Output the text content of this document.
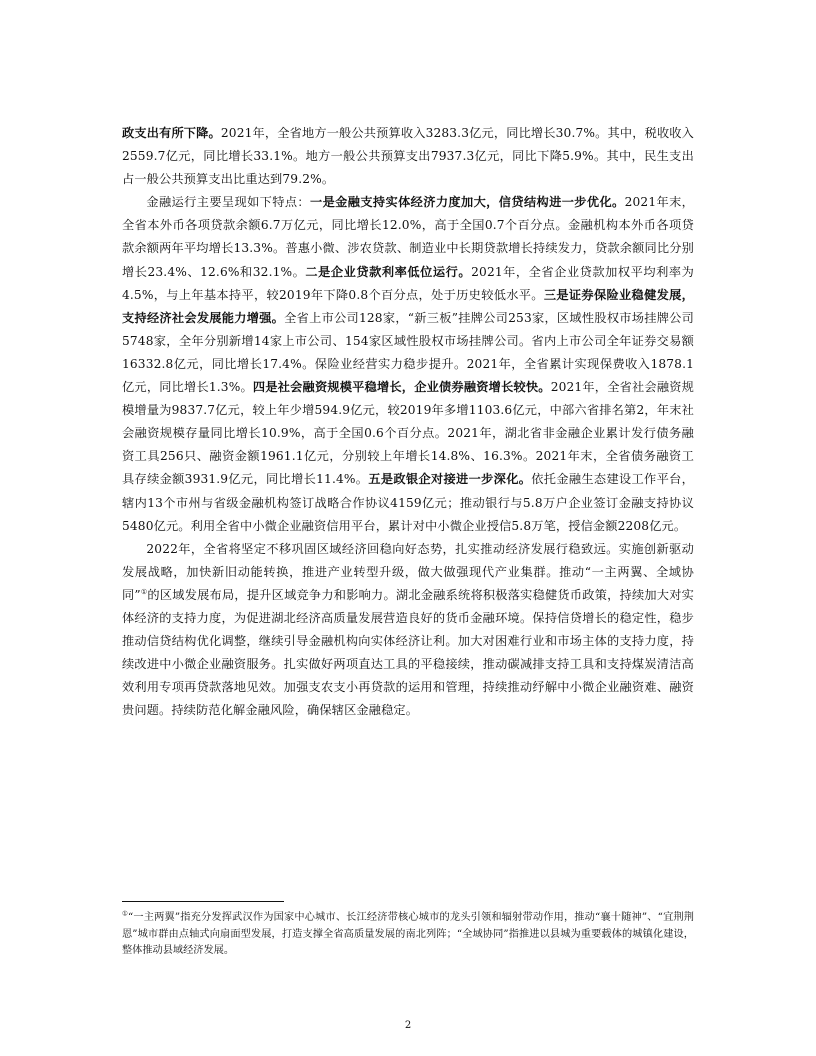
政支出有所下降。2021年，全省地方一般公共预算收入3283.3亿元，同比增长30.7%。其中，税收收入2559.7亿元，同比增长33.1%。地方一般公共预算支出7937.3亿元，同比下降5.9%。其中，民生支出占一般公共预算支出比重达到79.2%。

金融运行主要呈现如下特点：一是金融支持实体经济力度加大，信贷结构进一步优化。2021年末，全省本外币各项贷款余额6.7万亿元，同比增长12.0%，高于全国0.7个百分点。金融机构本外币各项贷款余额两年平均增长13.3%。普惠小微、涉农贷款、制造业中长期贷款增长持续发力，贷款余额同比分别增长23.4%、12.6%和32.1%。二是企业贷款利率低位运行。2021年，全省企业贷款加权平均利率为4.5%，与上年基本持平，较2019年下降0.8个百分点，处于历史较低水平。三是证券保险业稳健发展，支持经济社会发展能力增强。全省上市公司128家，“新三板”挂牌公司253家，区域性股权市场挂牌公司5748家，全年分别新增14家上市公司、154家区域性股权市场挂牌公司。省内上市公司全年证券交易额16332.8亿元，同比增长17.4%。保险业经营实力稳步提升。2021年，全省累计实现保费收入1878.1亿元，同比增长1.3%。四是社会融资规模平稳增长，企业债券融资增长较快。2021年，全省社会融资规模增量为9837.7亿元，较上年少增594.9亿元，较2019年多增1103.6亿元，中部六省排名第2，年末社会融资规模存量同比增长10.9%，高于全国0.6个百分点。2021年，湖北省非金融企业累计发行债务融资工具256只、融资金额1961.1亿元，分别较上年增长14.8%、16.3%。2021年末，全省债务融资工具存续金额3931.9亿元，同比增长11.4%。五是政银企对接进一步深化。依托金融生态建设工作平台，辖内13个市州与省级金融机构签订战略合作协议4159亿元；推动银行与5.8万户企业签订金融支持协议5480亿元。利用全省中小微企业融资信用平台，累计对中小微企业授信5.8万笔，授信金额2208亿元。

2022年，全省将坚定不移巩固区域经济回稳向好态势，扎实推动经济发展行稳致远。实施创新驱动发展战略，加快新旧动能转换，推进产业转型升级，做大做强现代产业集群。推动“一主两翼、全域协同”①的区域发展布局，提升区域竞争力和影响力。湖北金融系统将积极落实稳健货币政策，持续加大对实体经济的支持力度，为促进湖北经济高质量发展营造良好的货币金融环境。保持信贷增长的稳定性，稳步推动信贷结构优化调整，继续引导金融机构向实体经济让利。加大对困难行业和市场主体的支持力度，持续改进中小微企业融资服务。扎实做好两项直达工具的平稳接续，推动碳减排支持工具和支持煤炭清洁高效利用专项再贷款落地见效。加强支农支小再贷款的运用和管理，持续推动纾解中小微企业融资难、融资贵问题。持续防范化解金融风险，确保辖区金融稳定。

①“一主两翼”指充分发挥武汉作为国家中心城市、长江经济带核心城市的龙头引领和辐射带动作用，推动“襄十随神”、“宜荆荆恩”城市群由点轴式向扇面型发展，打造支撑全省高质量发展的南北列阵；“全域协同”指推进以县城为重要载体的城镇化建设，整体推动县域经济发展。

2
